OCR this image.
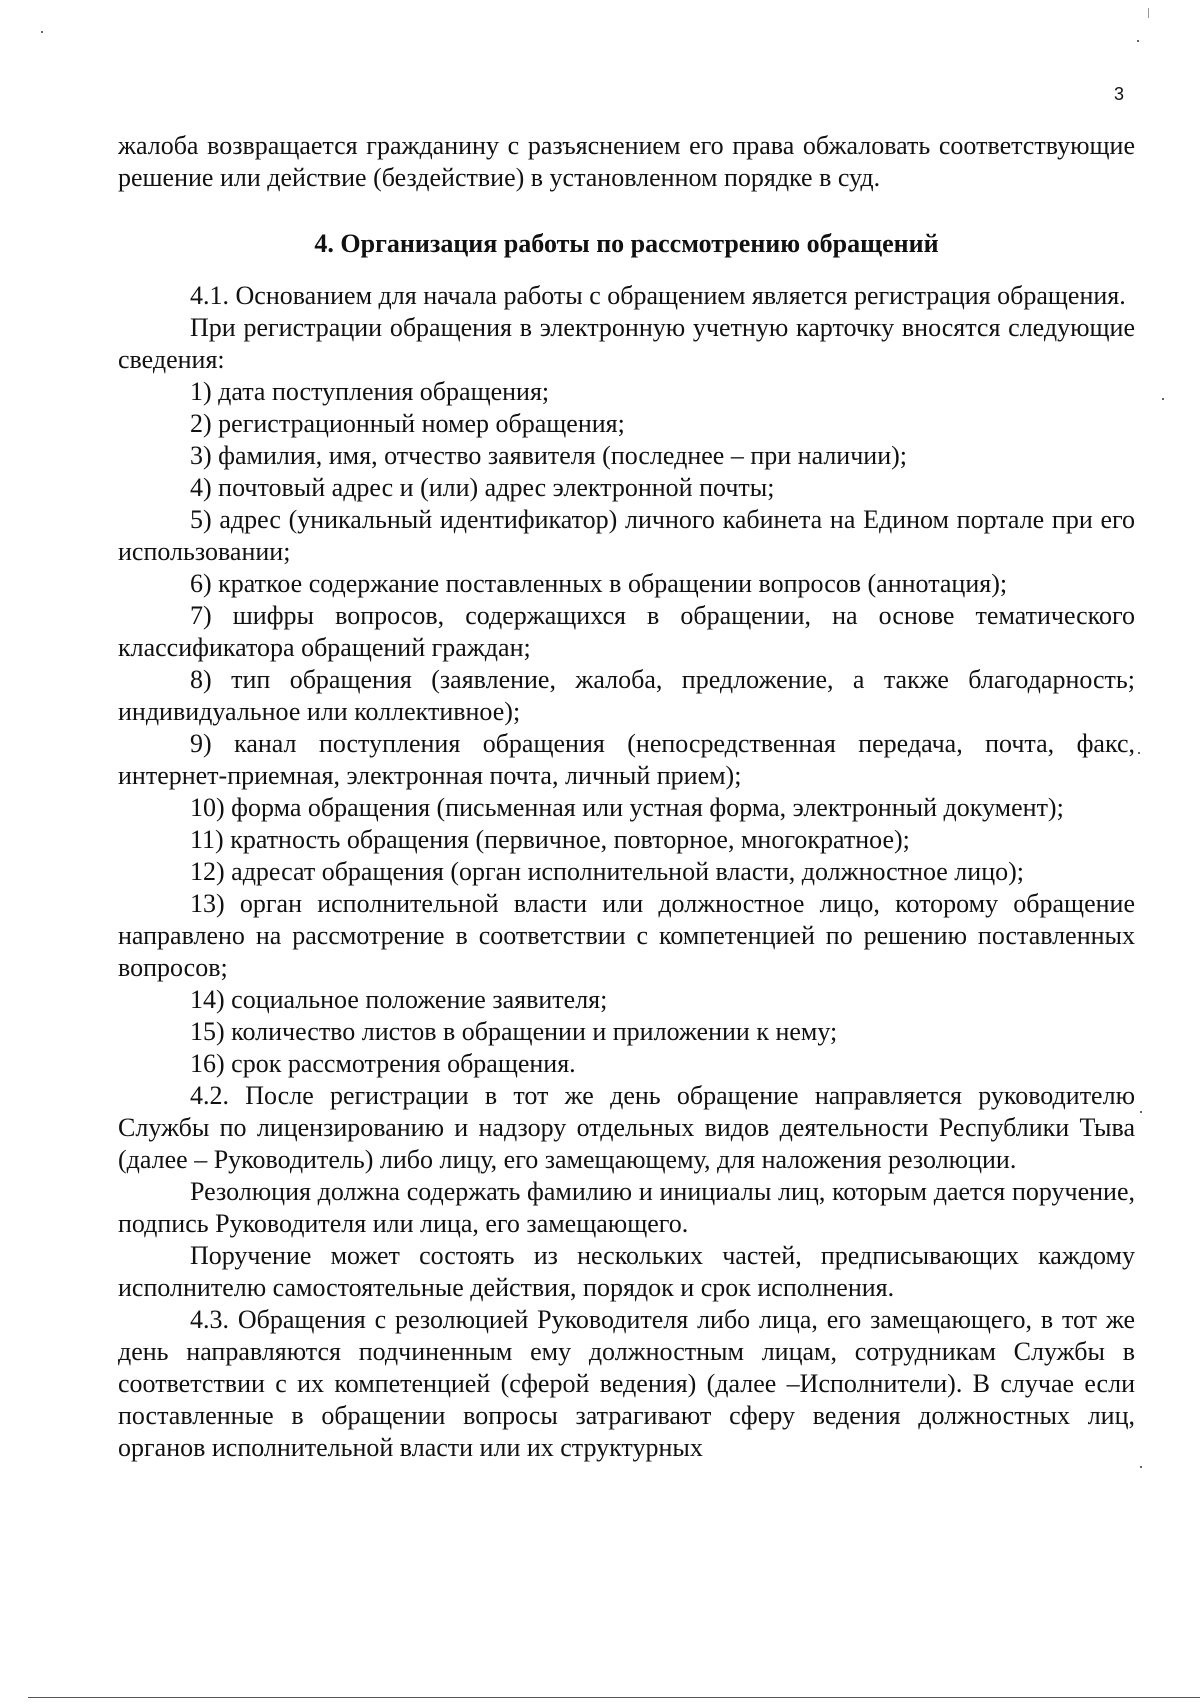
3

жалоба возвращается гражданину с разъяснением его права обжаловать соответствующие решение или действие (бездействие) в установленном порядке в суд.

4. Организация работы по рассмотрению обращений

4.1. Основанием для начала работы с обращением является регистрация обращения.

При регистрации обращения в электронную учетную карточку вносятся следующие сведения:

1) дата поступления обращения;

2) регистрационный номер обращения;

3) фамилия, имя, отчество заявителя (последнее – при наличии);

4) почтовый адрес и (или) адрес электронной почты;

5) адрес (уникальный идентификатор) личного кабинета на Едином портале при его использовании;

6) краткое содержание поставленных в обращении вопросов (аннотация);

7) шифры вопросов, содержащихся в обращении, на основе тематического классификатора обращений граждан;

8) тип обращения (заявление, жалоба, предложение, а также благодарность; индивидуальное или коллективное);

9) канал поступления обращения (непосредственная передача, почта, факс, интернет-приемная, электронная почта, личный прием);

10) форма обращения (письменная или устная форма, электронный документ);

11) кратность обращения (первичное, повторное, многократное);

12) адресат обращения (орган исполнительной власти, должностное лицо);

13) орган исполнительной власти или должностное лицо, которому обращение направлено на рассмотрение в соответствии с компетенцией по решению поставленных вопросов;

14) социальное положение заявителя;

15) количество листов в обращении и приложении к нему;

16) срок рассмотрения обращения.

4.2. После регистрации в тот же день обращение направляется руководителю Службы по лицензированию и надзору отдельных видов деятельности Республики Тыва (далее – Руководитель) либо лицу, его замещающему, для наложения резолюции.

Резолюция должна содержать фамилию и инициалы лиц, которым дается поручение, подпись Руководителя или лица, его замещающего.

Поручение может состоять из нескольких частей, предписывающих каждому исполнителю самостоятельные действия, порядок и срок исполнения.

4.3. Обращения с резолюцией Руководителя либо лица, его замещающего, в тот же день направляются подчиненным ему должностным лицам, сотрудникам Службы в соответствии с их компетенцией (сферой ведения) (далее –Исполнители). В случае если поставленные в обращении вопросы затрагивают сферу ведения должностных лиц, органов исполнительной власти или их структурных
